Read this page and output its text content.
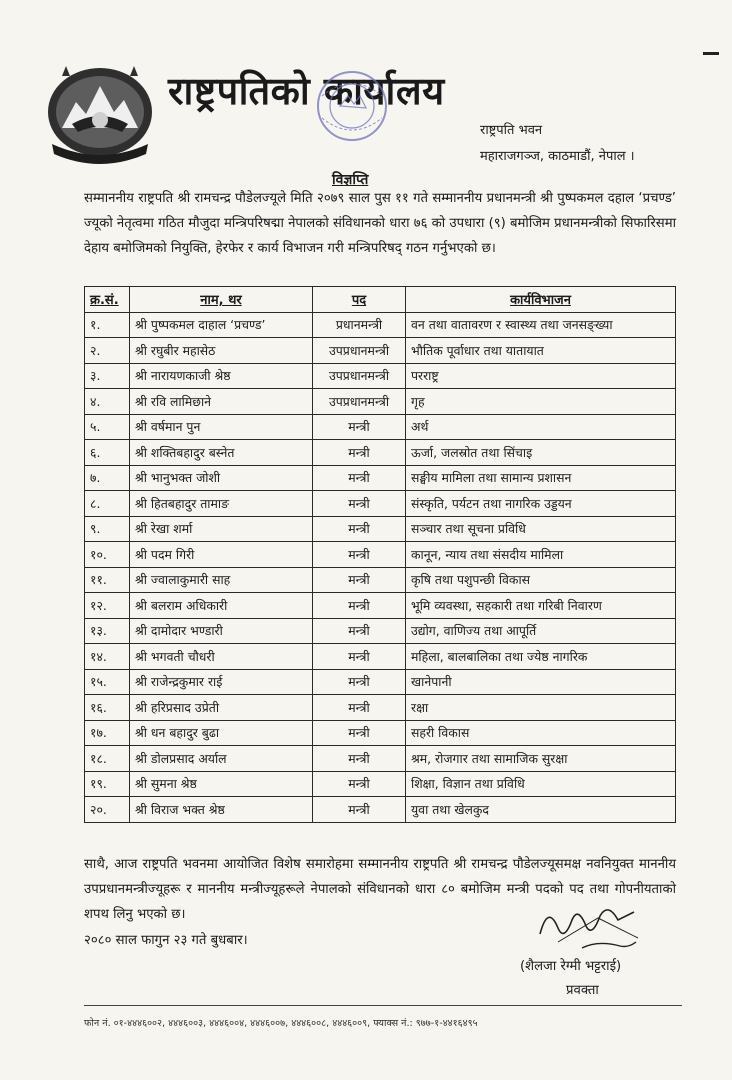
राष्ट्रपतिको कार्यालय
राष्ट्रपति भवन
महाराजगञ्ज, काठमाडौं, नेपाल ।
विज्ञप्ति
सम्माननीय राष्ट्रपति श्री रामचन्द्र पौडेलज्यूले मिति २०७९ साल पुस ११ गते सम्माननीय प्रधानमन्त्री श्री पुष्पकमल दहाल ‘प्रचण्ड’ ज्यूको नेतृत्वमा गठित मौजुदा मन्त्रिपरिषद्मा नेपालको संविधानको धारा ७६ को उपधारा (९) बमोजिम प्रधानमन्त्रीको सिफारिसमा देहाय बमोजिमको नियुक्ति, हेरफेर र कार्य विभाजन गरी मन्त्रिपरिषद् गठन गर्नुभएको छ।
क्र.सं.	नाम, थर	पद	कार्यविभाजन
१.	श्री पुष्पकमल दाहाल ‘प्रचण्ड’	प्रधानमन्त्री	वन तथा वातावरण र स्वास्थ्य तथा जनसङ्ख्या
२.	श्री रघुबीर महासेठ	उपप्रधानमन्त्री	भौतिक पूर्वाधार तथा यातायात
३.	श्री नारायणकाजी श्रेष्ठ	उपप्रधानमन्त्री	परराष्ट्र
४.	श्री रवि लामिछाने	उपप्रधानमन्त्री	गृह
५.	श्री वर्षमान पुन	मन्त्री	अर्थ
६.	श्री शक्तिबहादुर बस्नेत	मन्त्री	ऊर्जा, जलस्रोत तथा सिंचाइ
७.	श्री भानुभक्त जोशी	मन्त्री	सङ्घीय मामिला तथा सामान्य प्रशासन
८.	श्री हितबहादुर तामाङ	मन्त्री	संस्कृति, पर्यटन तथा नागरिक उड्डयन
९.	श्री रेखा शर्मा	मन्त्री	सञ्चार तथा सूचना प्रविधि
१०.	श्री पदम गिरी	मन्त्री	कानून, न्याय तथा संसदीय मामिला
११.	श्री ज्वालाकुमारी साह	मन्त्री	कृषि तथा पशुपन्छी विकास
१२.	श्री बलराम अधिकारी	मन्त्री	भूमि व्यवस्था, सहकारी तथा गरिबी निवारण
१३.	श्री दामोदार भण्डारी	मन्त्री	उद्योग, वाणिज्य तथा आपूर्ति
१४.	श्री भगवती चौधरी	मन्त्री	महिला, बालबालिका तथा ज्येष्ठ नागरिक
१५.	श्री राजेन्द्रकुमार राई	मन्त्री	खानेपानी
१६.	श्री हरिप्रसाद उप्रेती	मन्त्री	रक्षा
१७.	श्री धन बहादुर बुढा	मन्त्री	सहरी विकास
१८.	श्री डोलप्रसाद अर्याल	मन्त्री	श्रम, रोजगार तथा सामाजिक सुरक्षा
१९.	श्री सुमना श्रेष्ठ	मन्त्री	शिक्षा, विज्ञान तथा प्रविधि
२०.	श्री विराज भक्त श्रेष्ठ	मन्त्री	युवा तथा खेलकुद
साथै, आज राष्ट्रपति भवनमा आयोजित विशेष समारोहमा सम्माननीय राष्ट्रपति श्री रामचन्द्र पौडेलज्यूसमक्ष नवनियुक्त माननीय उपप्रधानमन्त्रीज्यूहरू र माननीय मन्त्रीज्यूहरूले नेपालको संविधानको धारा ८० बमोजिम मन्त्री पदको पद तथा गोपनीयताको शपथ लिनु भएको छ।
२०८० साल फागुन २३ गते बुधबार।
(शैलजा रेग्मी भट्टराई)
प्रवक्ता
फोन नं. ०१-४४४६००२, ४४४६००३, ४४४६००४, ४४४६००७, ४४४६००८, ४४४६००९, फ्याक्स नं.: ९७७-१-४४१६४९५
